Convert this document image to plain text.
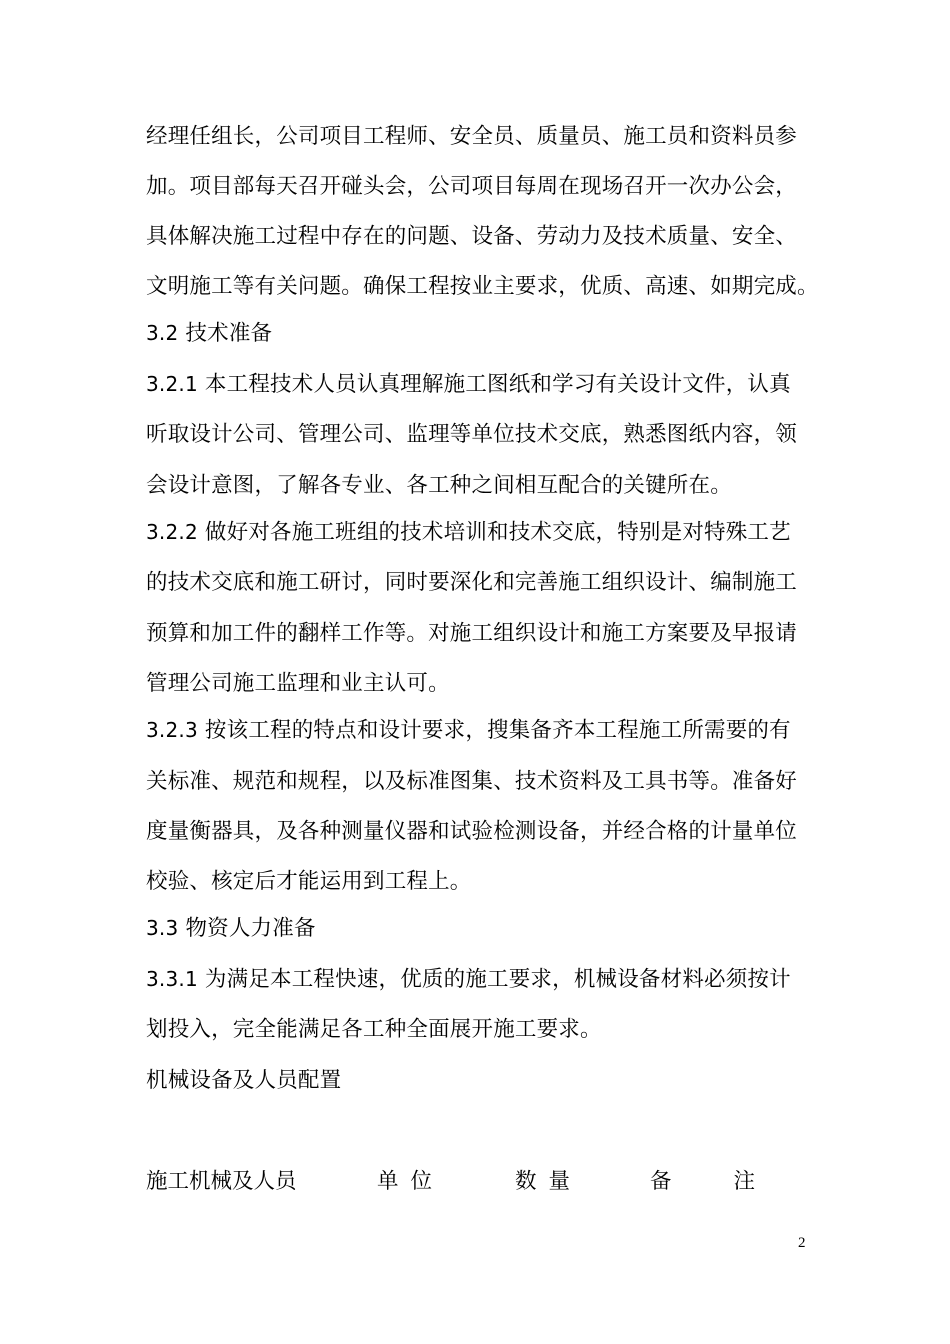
经理任组长，公司项目工程师、安全员、质量员、施工员和资料员参
加。项目部每天召开碰头会，公司项目每周在现场召开一次办公会，
具体解决施工过程中存在的问题、设备、劳动力及技术质量、安全、
文明施工等有关问题。确保工程按业主要求，优质、高速、如期完成。
3.2 技术准备
3.2.1 本工程技术人员认真理解施工图纸和学习有关设计文件，认真
听取设计公司、管理公司、监理等单位技术交底，熟悉图纸内容，领
会设计意图，了解各专业、各工种之间相互配合的关键所在。
3.2.2 做好对各施工班组的技术培训和技术交底，特别是对特殊工艺
的技术交底和施工研讨，同时要深化和完善施工组织设计、编制施工
预算和加工件的翻样工作等。对施工组织设计和施工方案要及早报请
管理公司施工监理和业主认可。
3.2.3 按该工程的特点和设计要求，搜集备齐本工程施工所需要的有
关标准、规范和规程，以及标准图集、技术资料及工具书等。准备好
度量衡器具，及各种测量仪器和试验检测设备，并经合格的计量单位
校验、核定后才能运用到工程上。
3.3 物资人力准备
3.3.1 为满足本工程快速，优质的施工要求，机械设备材料必须按计
划投入，完全能满足各工种全面展开施工要求。
机械设备及人员配置
施工机械及人员	单位	数量	备注
2
